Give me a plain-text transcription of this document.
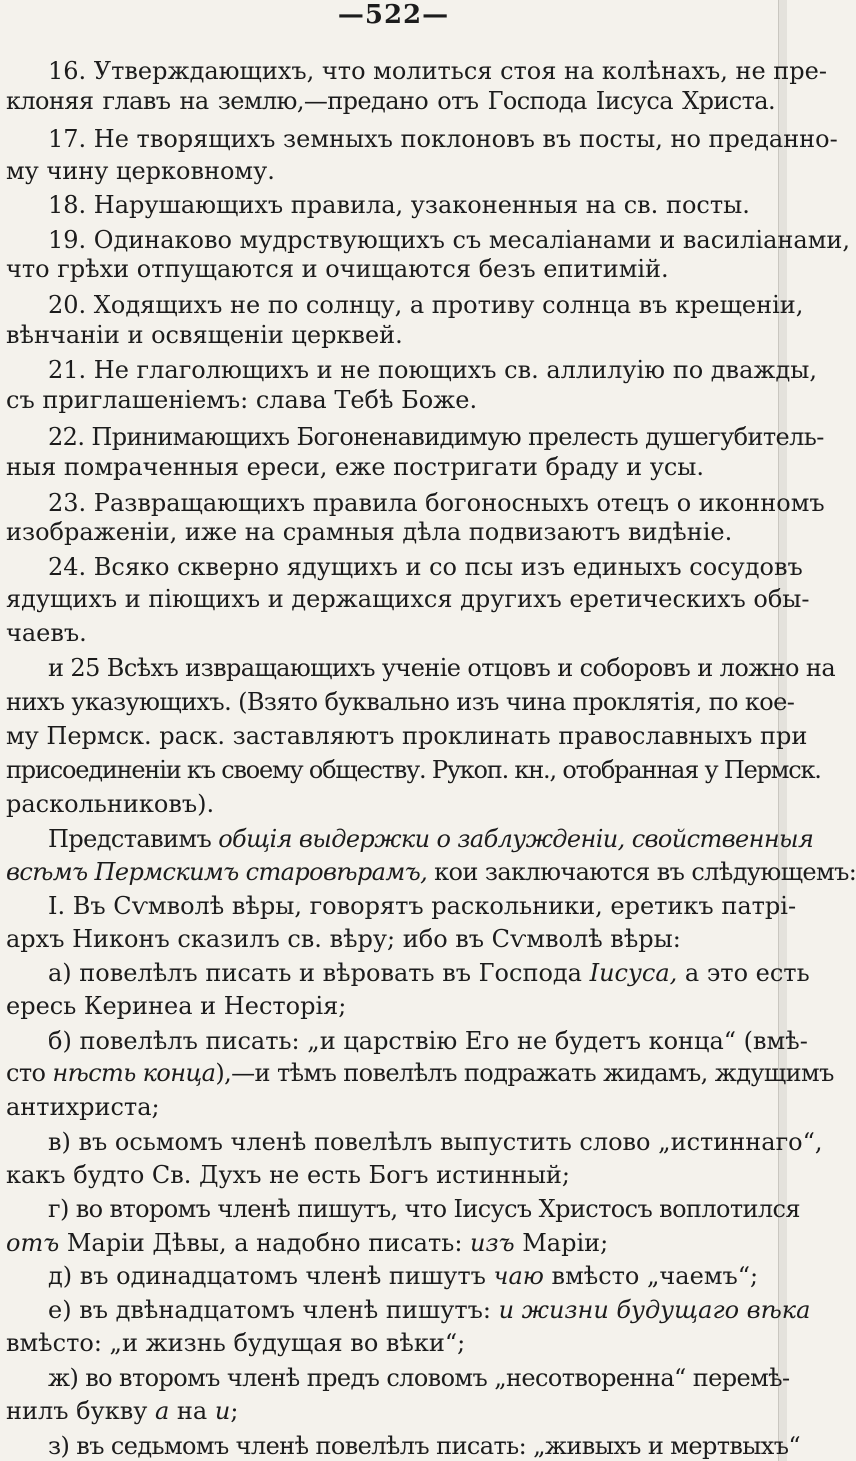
—522—
16. Утверждающихъ, что молиться стоя на колѣнахъ, не пре-
клоняя главъ на землю,—предано отъ Господа Іисуса Христа.
17. Не творящихъ земныхъ поклоновъ въ посты, но преданно-
му чину церковному.
18. Нарушающихъ правила, узаконенныя на св. посты.
19. Одинаково мудрствующихъ съ месаліанами и василіанами,
что грѣхи отпущаются и очищаются безъ епитимій.
20. Ходящихъ не по солнцу, а противу солнца въ крещеніи,
вѣнчаніи и освященіи церквей.
21. Не глаголющихъ и не поющихъ св. аллилуію по дважды,
съ приглашеніемъ: слава Тебѣ Боже.
22. Принимающихъ Богоненавидимую прелесть душегубитель-
ныя помраченныя ереси, еже постригати браду и усы.
23. Развращающихъ правила богоносныхъ отецъ о иконномъ
изображеніи, иже на срамныя дѣла подвизаютъ видѣніе.
24. Всяко скверно ядущихъ и со псы изъ единыхъ сосудовъ
ядущихъ и піющихъ и держащихся другихъ еретическихъ обы-
чаевъ.
и 25 Всѣхъ извращающихъ ученіе отцовъ и соборовъ и ложно на
нихъ указующихъ. (Взято буквально изъ чина проклятія, по кое-
му Пермск. раск. заставляютъ проклинать православныхъ при
присоединеніи къ своему обществу. Рукоп. кн., отобранная у Пермск.
раскольниковъ).
Представимъ общія выдержки о заблужденіи, свойственныя
всѣмъ Пермскимъ старовѣрамъ, кои заключаются въ слѣдующемъ:
I. Въ Сѵмволѣ вѣры, говорятъ раскольники, еретикъ патрі-
архъ Никонъ сказилъ св. вѣру; ибо въ Сѵмволѣ вѣры:
а) повелѣлъ писать и вѣровать въ Господа Іисуса, а это есть
ересь Керинеа и Несторія;
б) повелѣлъ писать: „и царствію Его не будетъ конца“ (вмѣ-
сто нѣсть конца),—и тѣмъ повелѣлъ подражать жидамъ, ждущимъ
антихриста;
в) въ осьмомъ членѣ повелѣлъ выпустить слово „истиннаго“,
какъ будто Св. Духъ не есть Богъ истинный;
г) во второмъ членѣ пишутъ, что Іисусъ Христосъ воплотился
отъ Маріи Дѣвы, а надобно писать: изъ Маріи;
д) въ одинадцатомъ членѣ пишутъ чаю вмѣсто „чаемъ“;
е) въ двѣнадцатомъ членѣ пишутъ: и жизни будущаго вѣка
вмѣсто: „и жизнь будущая во вѣки“;
ж) во второмъ членѣ предъ словомъ „несотворенна“ перемѣ-
нилъ букву а на и;
з) въ седьмомъ членѣ повелѣлъ писать: „живыхъ и мертвыхъ“
